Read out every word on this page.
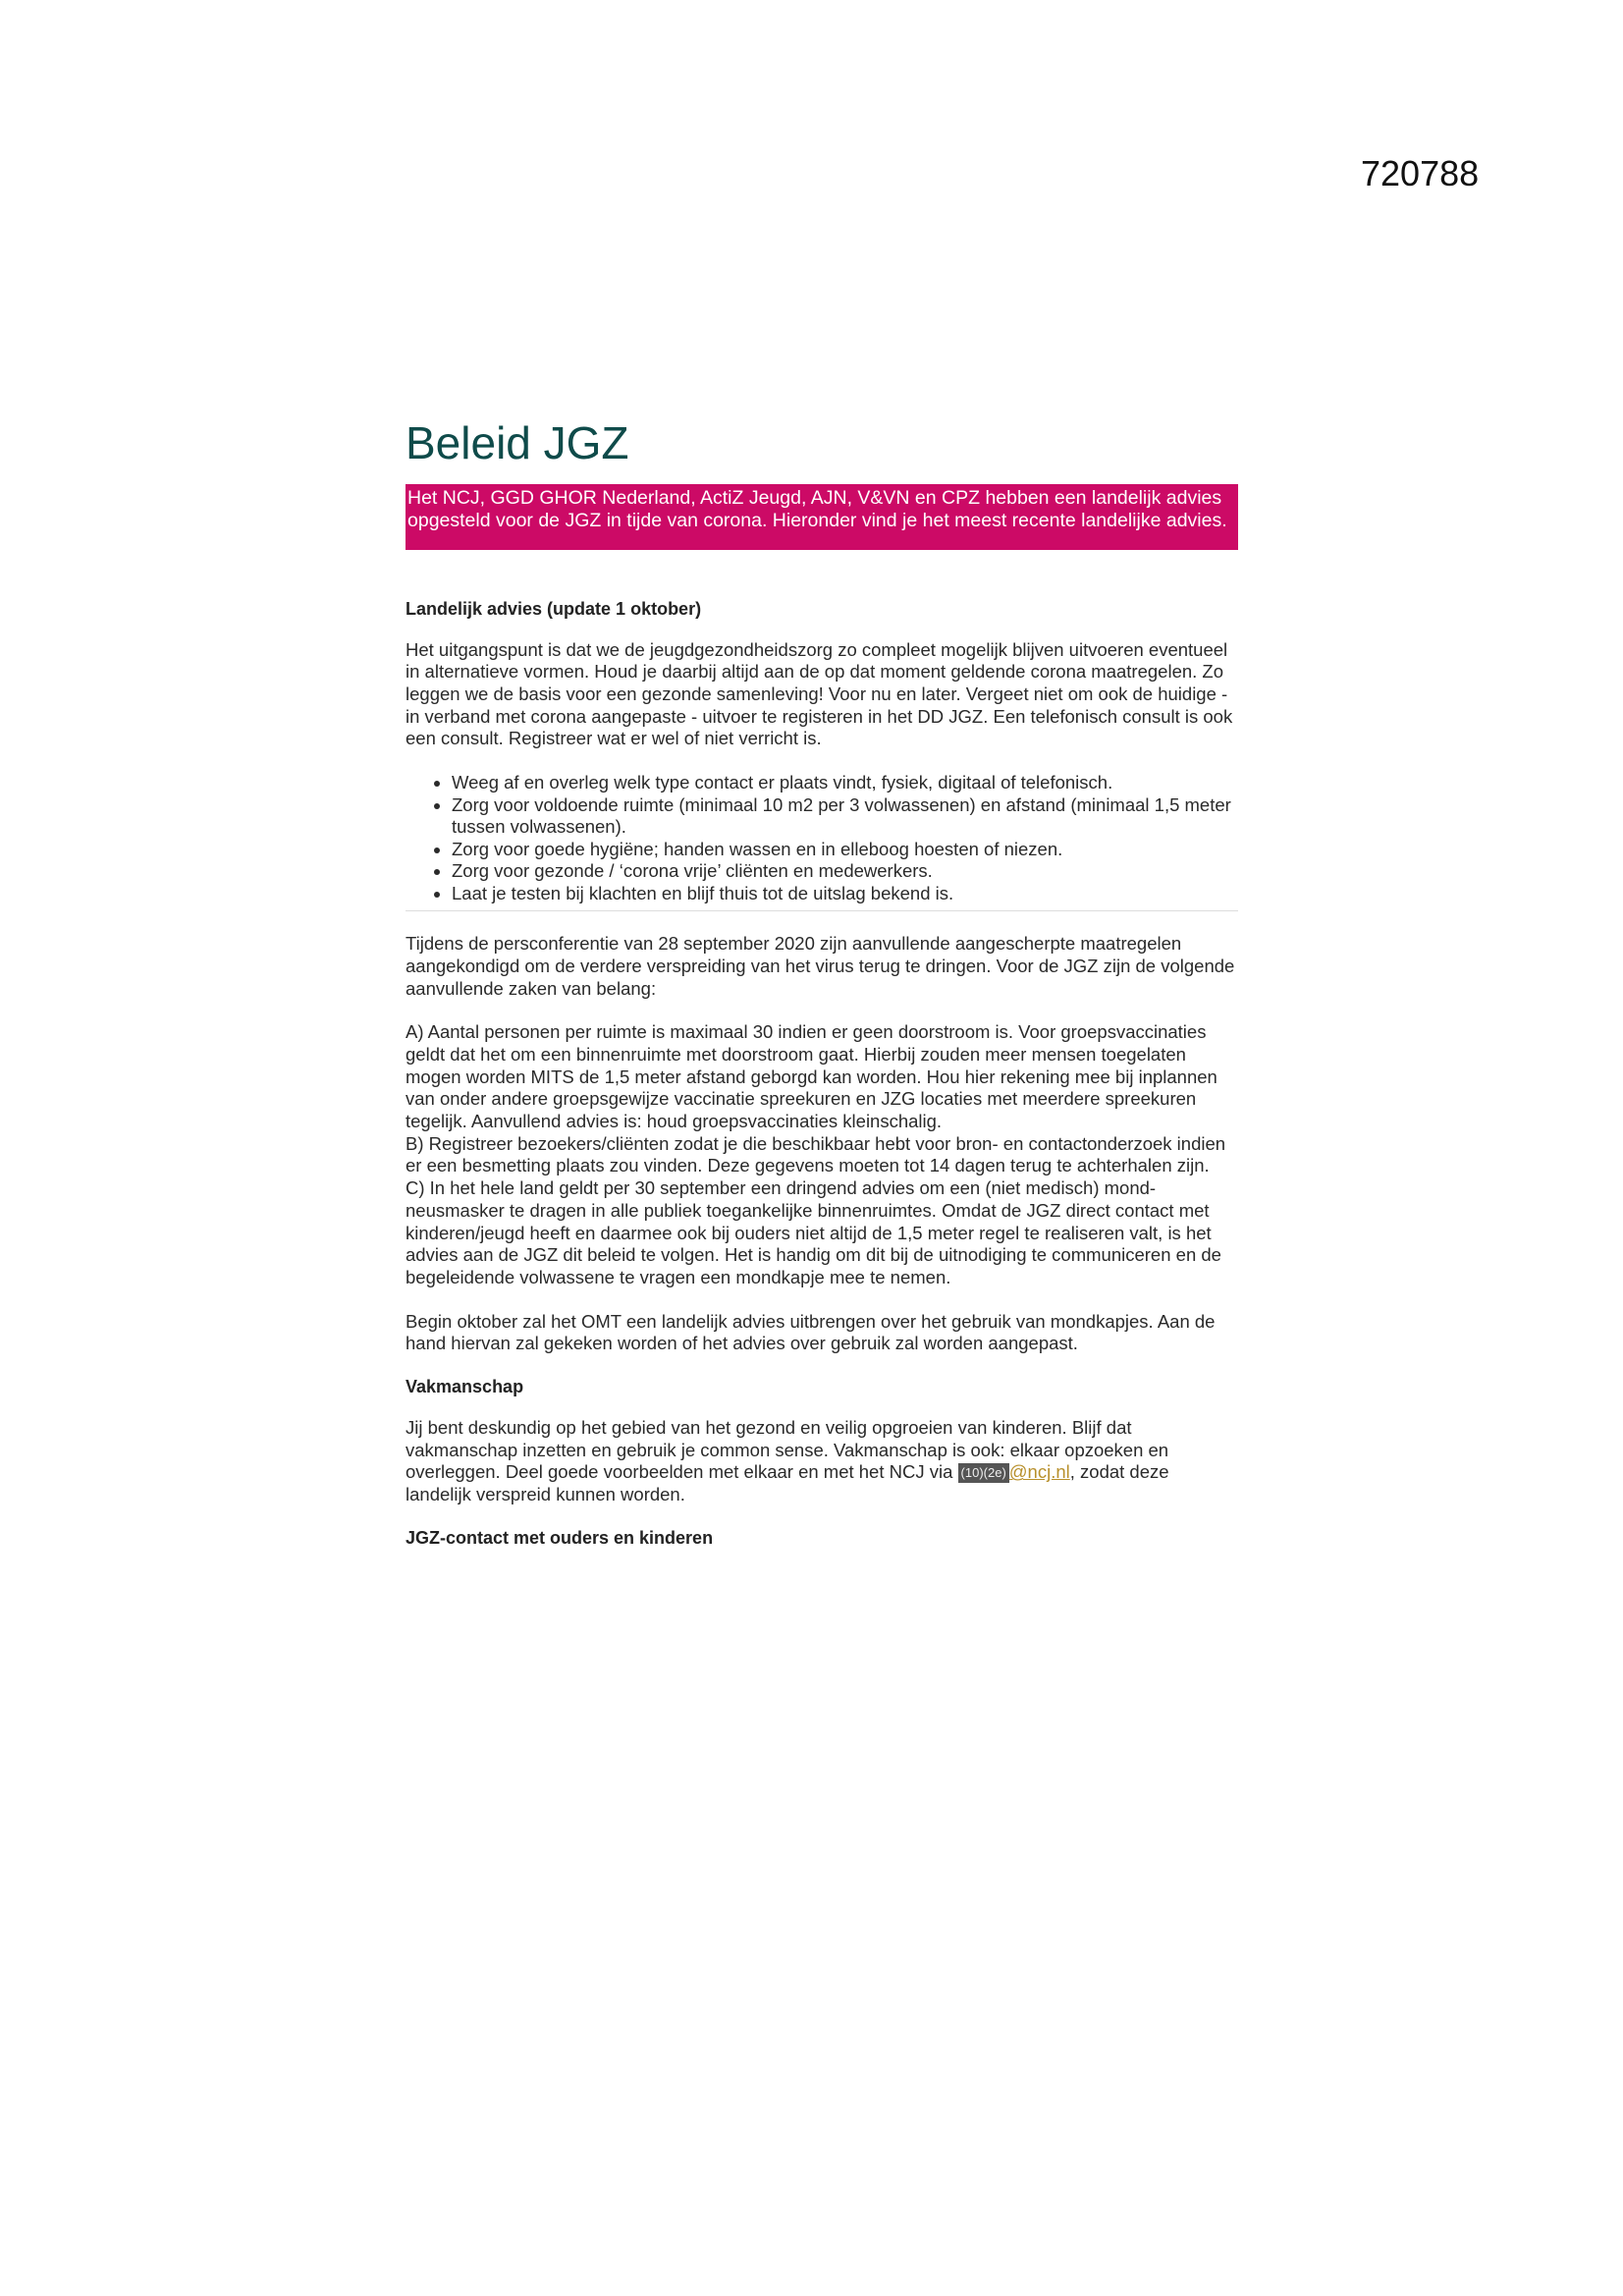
720788
Beleid JGZ
Het NCJ, GGD GHOR Nederland, ActiZ Jeugd, AJN, V&VN en CPZ hebben een landelijk advies opgesteld voor de JGZ in tijde van corona. Hieronder vind je het meest recente landelijke advies.
Landelijk advies (update 1 oktober)

Het uitgangspunt is dat we de jeugdgezondheidszorg zo compleet mogelijk blijven uitvoeren eventueel in alternatieve vormen. Houd je daarbij altijd aan de op dat moment geldende corona maatregelen. Zo leggen we de basis voor een gezonde samenleving! Voor nu en later. Vergeet niet om ook de huidige - in verband met corona aangepaste - uitvoer te registeren in het DD JGZ. Een telefonisch consult is ook een consult. Registreer wat er wel of niet verricht is.

• Weeg af en overleg welk type contact er plaats vindt, fysiek, digitaal of telefonisch.
• Zorg voor voldoende ruimte (minimaal 10 m2 per 3 volwassenen) en afstand (minimaal 1,5 meter tussen volwassenen).
• Zorg voor goede hygiëne; handen wassen en in elleboog hoesten of niezen.
• Zorg voor gezonde / ‘corona vrije’ cliënten en medewerkers.
• Laat je testen bij klachten en blijf thuis tot de uitslag bekend is.

Tijdens de persconferentie van 28 september 2020 zijn aanvullende aangescherpte maatregelen aangekondigd om de verdere verspreiding van het virus terug te dringen. Voor de JGZ zijn de volgende aanvullende zaken van belang:

A) Aantal personen per ruimte is maximaal 30 indien er geen doorstroom is. Voor groepsvaccinaties geldt dat het om een binnenruimte met doorstroom gaat. Hierbij zouden meer mensen toegelaten mogen worden MITS de 1,5 meter afstand geborgd kan worden. Hou hier rekening mee bij inplannen van onder andere groepsgewijze vaccinatie spreekuren en JZG locaties met meerdere spreekuren tegelijk. Aanvullend advies is: houd groepsvaccinaties kleinschalig.

B) Registreer bezoekers/cliënten zodat je die beschikbaar hebt voor bron- en contactonderzoek indien er een besmetting plaats zou vinden. Deze gegevens moeten tot 14 dagen terug te achterhalen zijn.

C) In het hele land geldt per 30 september een dringend advies om een (niet medisch) mond-neusmasker te dragen in alle publiek toegankelijke binnenruimtes. Omdat de JGZ direct contact met kinderen/jeugd heeft en daarmee ook bij ouders niet altijd de 1,5 meter regel te realiseren valt, is het advies aan de JGZ dit beleid te volgen. Het is handig om dit bij de uitnodiging te communiceren en de begeleidende volwassene te vragen een mondkapje mee te nemen.

Begin oktober zal het OMT een landelijk advies uitbrengen over het gebruik van mondkapjes. Aan de hand hiervan zal gekeken worden of het advies over gebruik zal worden aangepast.

Vakmanschap

Jij bent deskundig op het gebied van het gezond en veilig opgroeien van kinderen. Blijf dat vakmanschap inzetten en gebruik je common sense. Vakmanschap is ook: elkaar opzoeken en overleggen. Deel goede voorbeelden met elkaar en met het NCJ via (10)(2e) @ncj.nl, zodat deze landelijk verspreid kunnen worden.

JGZ-contact met ouders en kinderen
